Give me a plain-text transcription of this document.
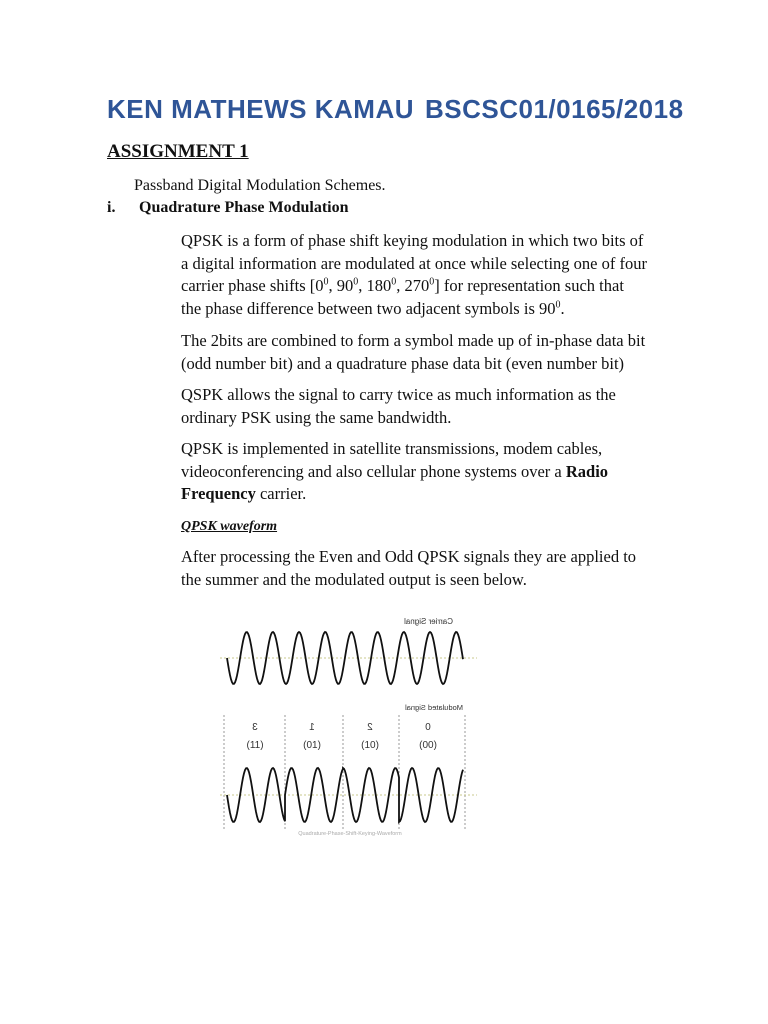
KEN MATHEWS KAMAU BSCSC01/0165/2018
ASSIGNMENT 1
Passband Digital Modulation Schemes.
i. Quadrature Phase Modulation
QPSK is a form of phase shift keying modulation in which two bits of
a digital information are modulated at once while selecting one of four
carrier phase shifts [$0^0$, $90^0$, $180^0$, $270^0$] for representation such that
the phase difference between two adjacent symbols is $90^0$.
The 2bits are combined to form a symbol made up of in-phase data bit
(odd number bit) and a quadrature phase data bit (even number bit)
QSPK allows the signal to carry twice as much information as the
ordinary PSK using the same bandwidth.
QPSK is implemented in satellite transmissions, modem cables,
videoconferencing and also cellular phone systems over a Radio
Frequency carrier.
QPSK waveform
After processing the Even and Odd QPSK signals they are applied to
the summer and the modulated output is seen below.
Carrier Signal
Modulated Signal
3
(11)
1
(01)
2
(10)
0
(00)
Quadrature-Phase-Shift-Keying-Waveform
